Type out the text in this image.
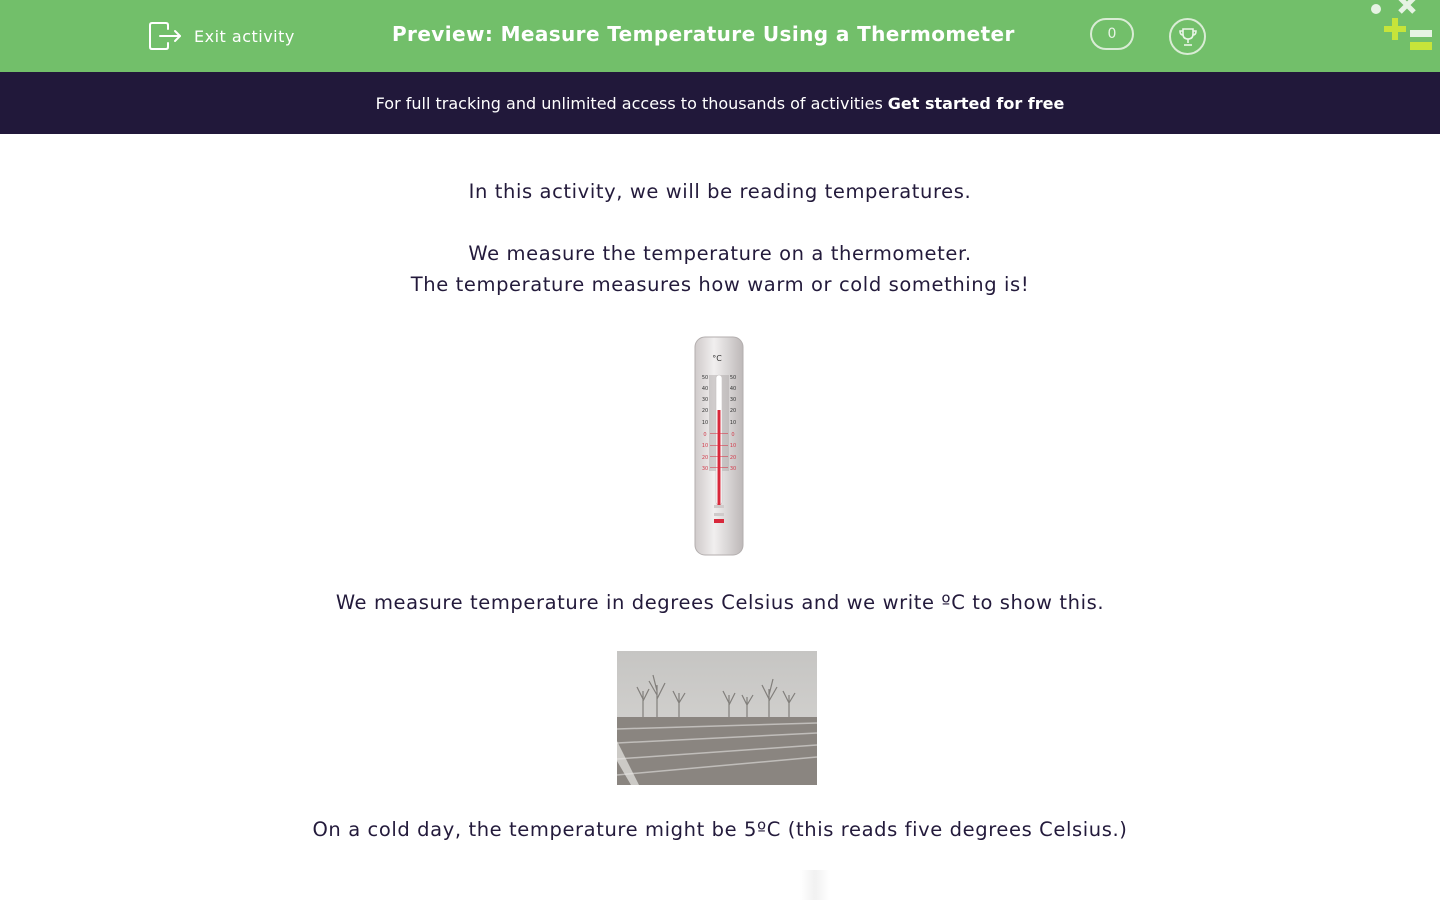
Exit activity	Preview: Measure Temperature Using a Thermometer	0
For full tracking and unlimited access to thousands of activities Get started for free
In this activity, we will be reading temperatures.
We measure the temperature on a thermometer.
The temperature measures how warm or cold something is!
°C
50
40
30
20
10
0
10
20
30
50
40
30
20
10
0
10
20
30
We measure temperature in degrees Celsius and we write ºC to show this.
On a cold day, the temperature might be 5ºC (this reads five degrees Celsius.)
